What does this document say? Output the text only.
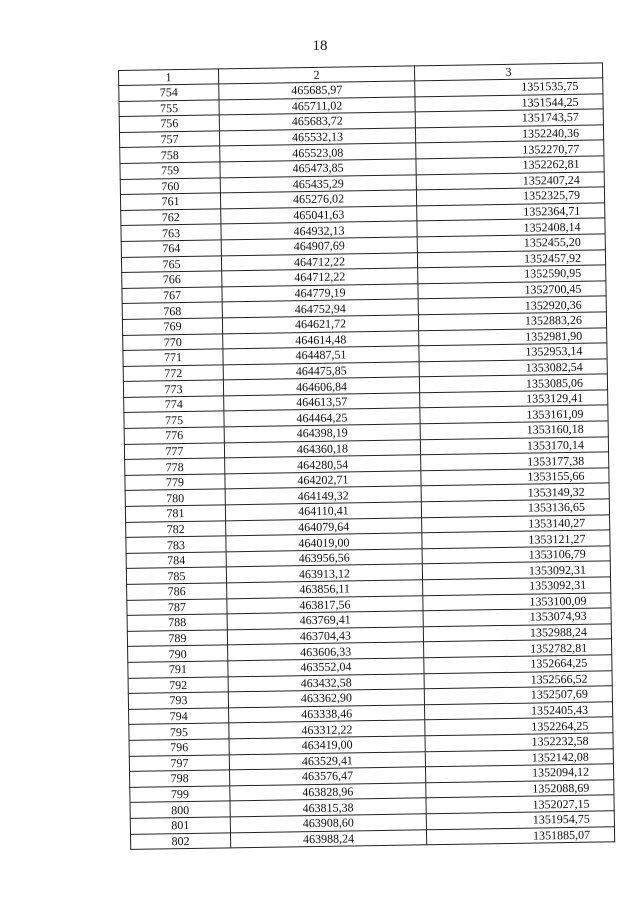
18
1	2	3
754	465685,97	1351535,75
755	465711,02	1351544,25
756	465683,72	1351743,57
757	465532,13	1352240,36
758	465523,08	1352270,77
759	465473,85	1352262,81
760	465435,29	1352407,24
761	465276,02	1352325,79
762	465041,63	1352364,71
763	464932,13	1352408,14
764	464907,69	1352455,20
765	464712,22	1352457,92
766	464712,22	1352590,95
767	464779,19	1352700,45
768	464752,94	1352920,36
769	464621,72	1352883,26
770	464614,48	1352981,90
771	464487,51	1352953,14
772	464475,85	1353082,54
773	464606,84	1353085,06
774	464613,57	1353129,41
775	464464,25	1353161,09
776	464398,19	1353160,18
777	464360,18	1353170,14
778	464280,54	1353177,38
779	464202,71	1353155,66
780	464149,32	1353149,32
781	464110,41	1353136,65
782	464079,64	1353140,27
783	464019,00	1353121,27
784	463956,56	1353106,79
785	463913,12	1353092,31
786	463856,11	1353092,31
787	463817,56	1353100,09
788	463769,41	1353074,93
789	463704,43	1352988,24
790	463606,33	1352782,81
791	463552,04	1352664,25
792	463432,58	1352566,52
793	463362,90	1352507,69
794	463338,46	1352405,43
795	463312,22	1352264,25
796	463419,00	1352232,58
797	463529,41	1352142,08
798	463576,47	1352094,12
799	463828,96	1352088,69
800	463815,38	1352027,15
801	463908,60	1351954,75
802	463988,24	1351885,07
